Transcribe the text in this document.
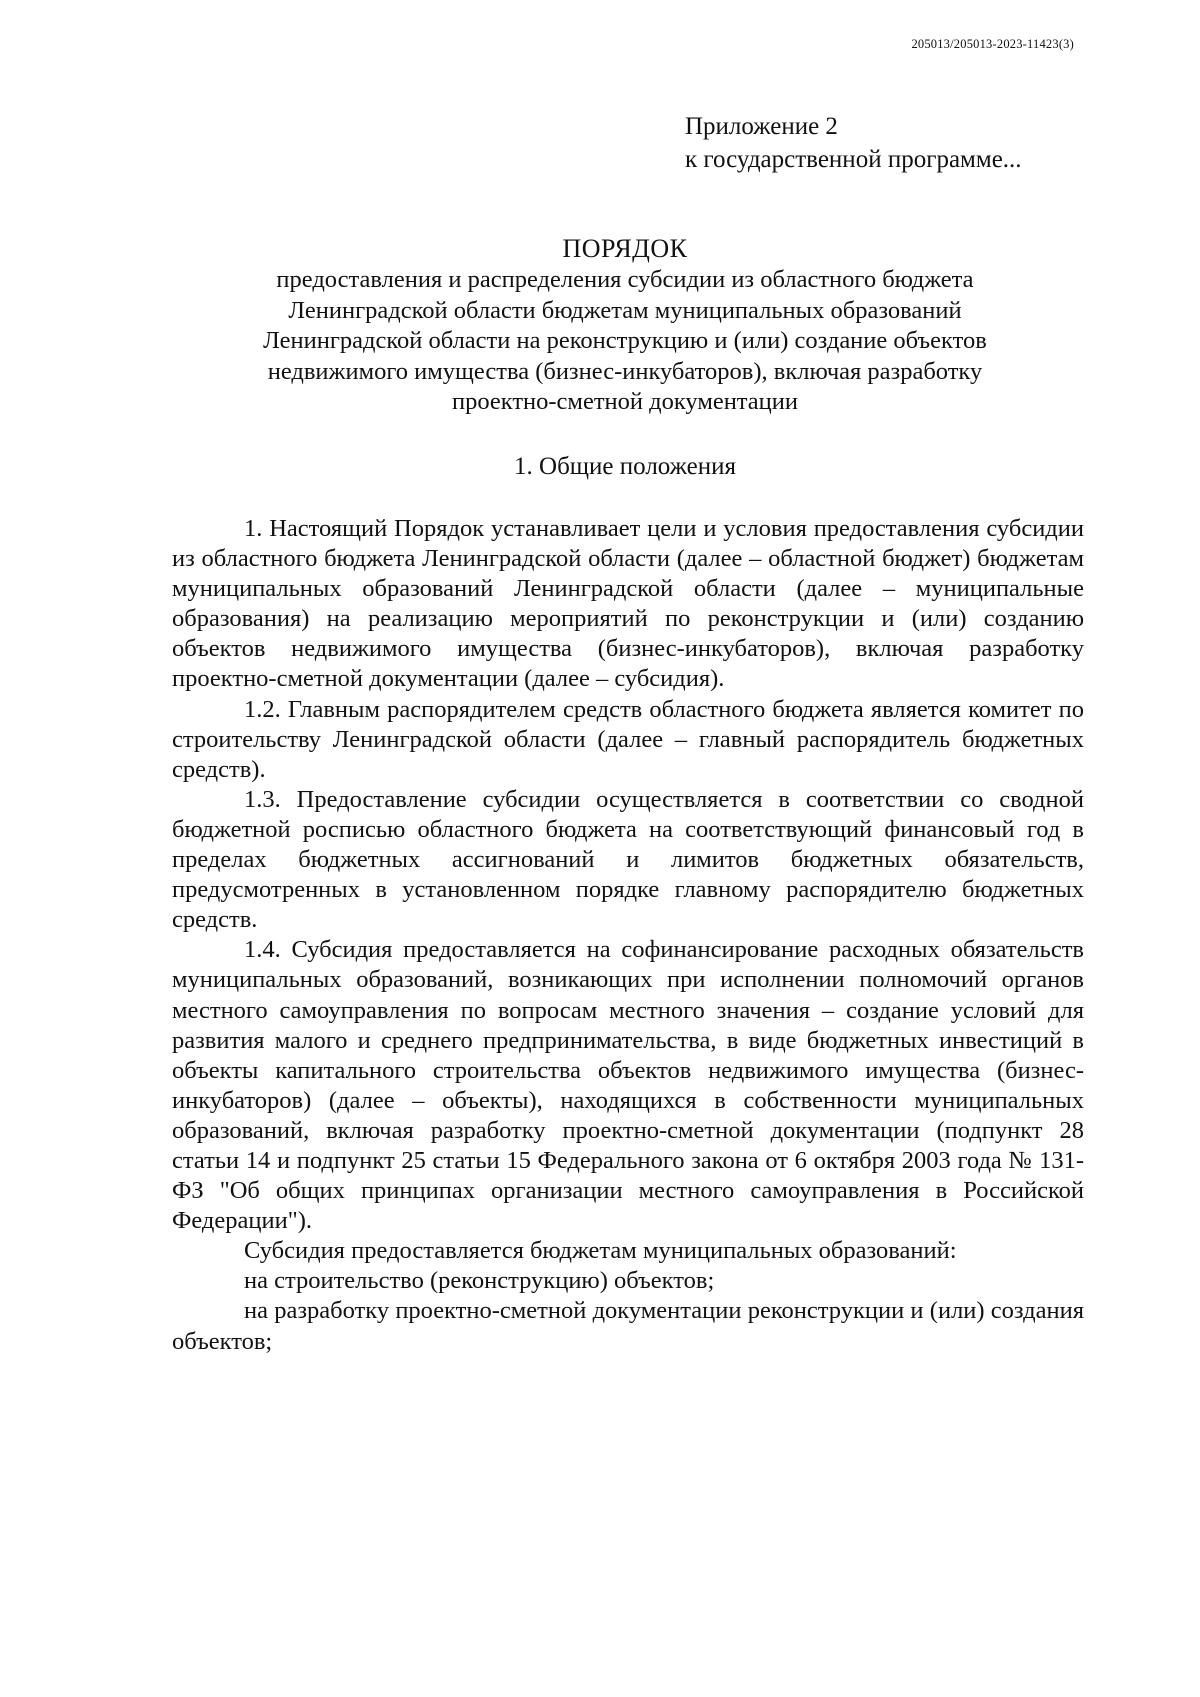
205013/205013-2023-11423(3)
Приложение 2
к государственной программе...
ПОРЯДОК
предоставления и распределения субсидии из областного бюджета
Ленинградской области бюджетам муниципальных образований
Ленинградской области на реконструкцию и (или) создание объектов
недвижимого имущества (бизнес-инкубаторов), включая разработку
проектно-сметной документации
1. Общие положения

1. Настоящий Порядок устанавливает цели и условия предоставления субсидии из областного бюджета Ленинградской области (далее – областной бюджет) бюджетам муниципальных образований Ленинградской области (далее – муниципальные образования) на реализацию мероприятий по реконструкции и (или) созданию объектов недвижимого имущества (бизнес-инкубаторов), включая разработку проектно-сметной документации (далее – субсидия).

1.2. Главным распорядителем средств областного бюджета является комитет по строительству Ленинградской области (далее – главный распорядитель бюджетных средств).

1.3. Предоставление субсидии осуществляется в соответствии со сводной бюджетной росписью областного бюджета на соответствующий финансовый год в пределах бюджетных ассигнований и лимитов бюджетных обязательств, предусмотренных в установленном порядке главному распорядителю бюджетных средств.

1.4. Субсидия предоставляется на софинансирование расходных обязательств муниципальных образований, возникающих при исполнении полномочий органов местного самоуправления по вопросам местного значения – создание условий для развития малого и среднего предпринимательства, в виде бюджетных инвестиций в объекты капитального строительства объектов недвижимого имущества (бизнес-инкубаторов) (далее – объекты), находящихся в собственности муниципальных образований, включая разработку проектно-сметной документации (подпункт 28 статьи 14 и подпункт 25 статьи 15 Федерального закона от 6 октября 2003 года № 131-ФЗ "Об общих принципах организации местного самоуправления в Российской Федерации").

Субсидия предоставляется бюджетам муниципальных образований:

на строительство (реконструкцию) объектов;

на разработку проектно-сметной документации реконструкции и (или) создания объектов;
